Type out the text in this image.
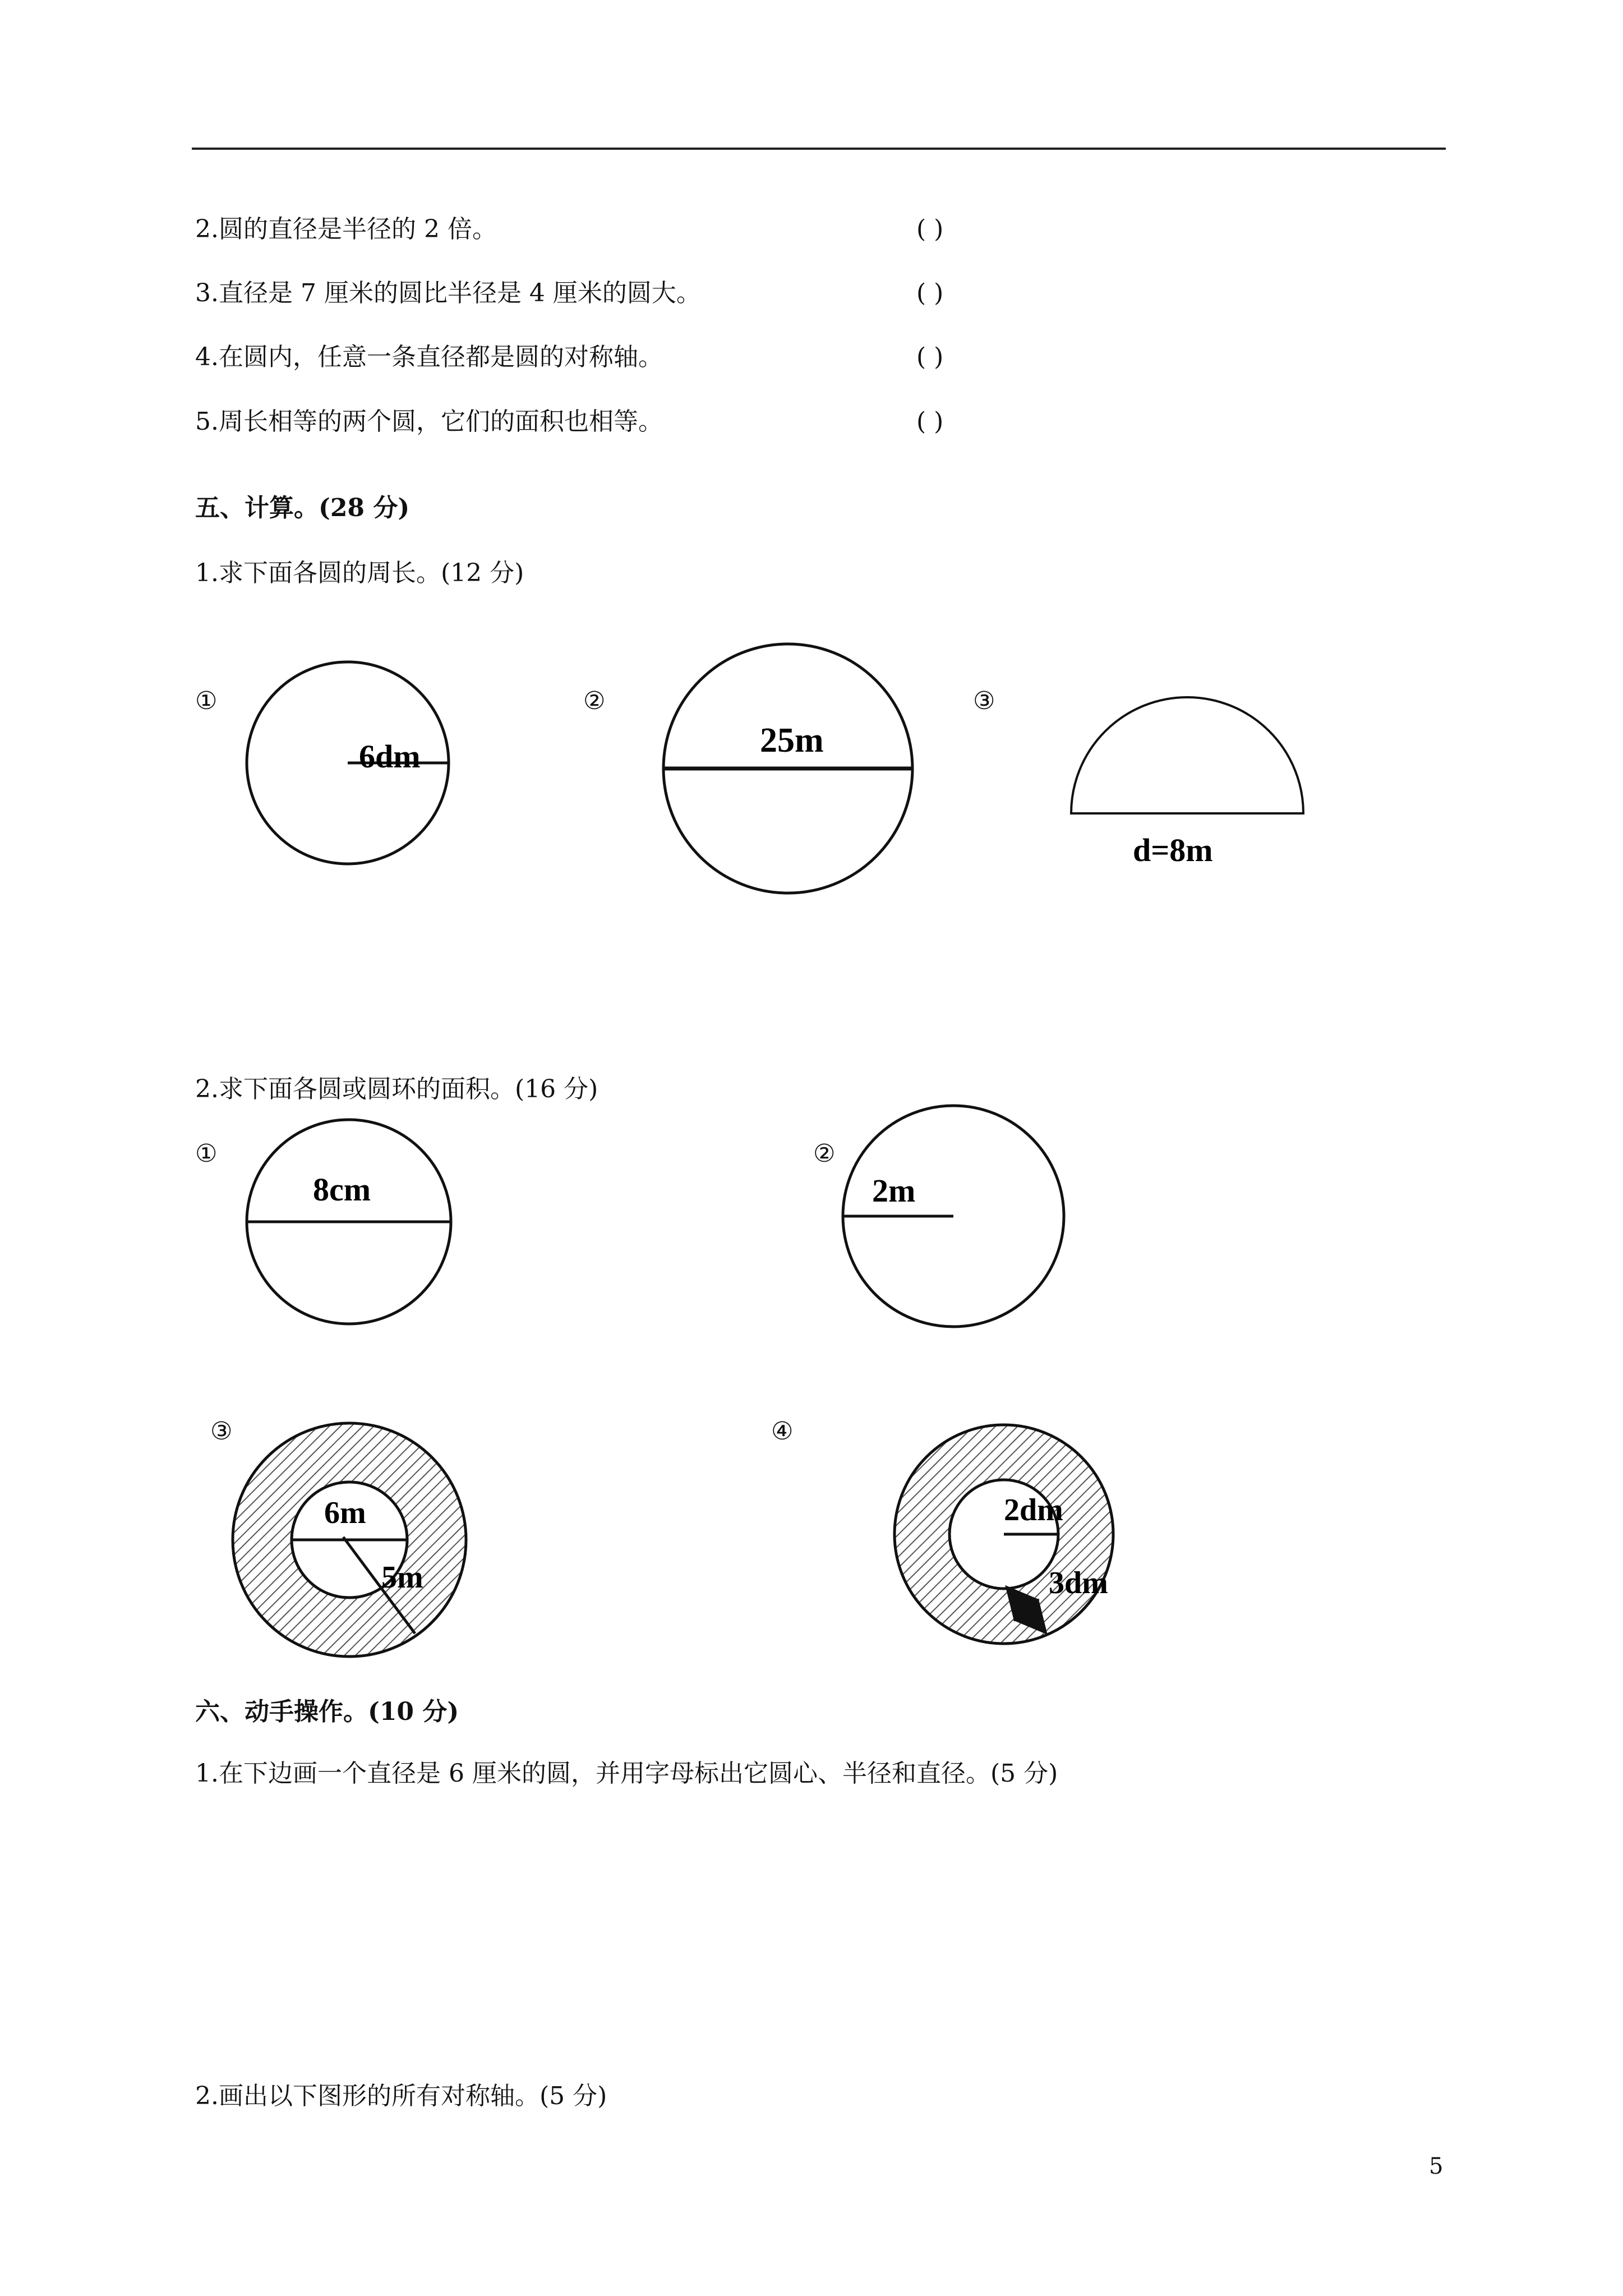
2.圆的直径是半径的 2 倍。	( )
3.直径是 7 厘米的圆比半径是 4 厘米的圆大。	( )
4.在圆内，任意一条直径都是圆的对称轴。	( )
5.周长相等的两个圆，它们的面积也相等。	( )
五、计算。(28 分)
1.求下面各圆的周长。(12 分)
①	②	③
2.求下面各圆或圆环的面积。(16 分)
①	②
③	④
六、动手操作。(10 分)
1.在下边画一个直径是 6 厘米的圆，并用字母标出它圆心、半径和直径。(5 分)
2.画出以下图形的所有对称轴。(5 分)
5
6dm	25m
d=8m
8cm	2m
6m
5m
2dm
3dm
